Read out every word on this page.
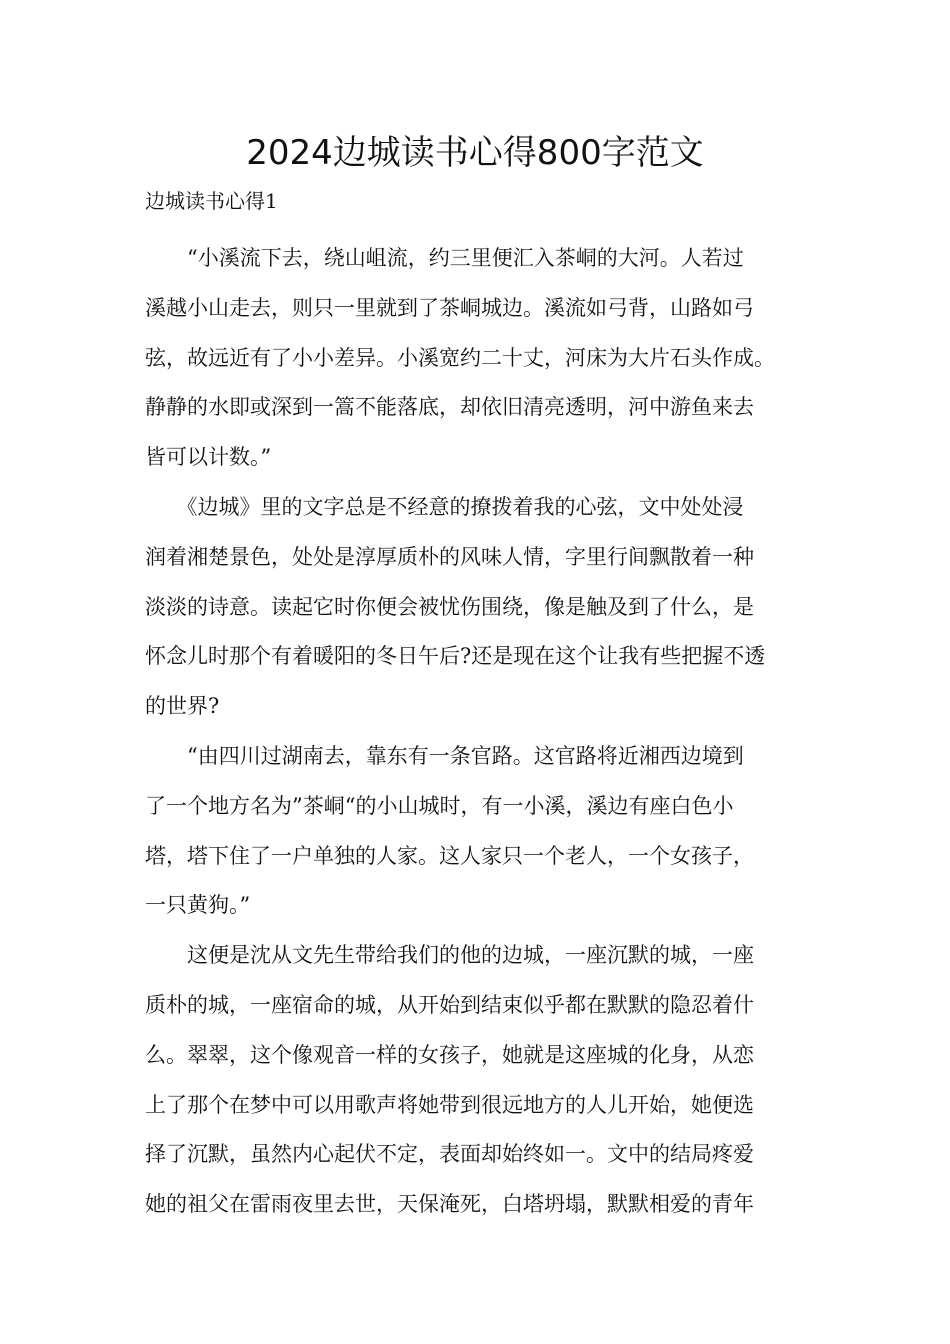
2024边城读书心得800字范文
边城读书心得1
　　“小溪流下去，绕山岨流，约三里便汇入茶峒的大河。人若过
溪越小山走去，则只一里就到了茶峒城边。溪流如弓背，山路如弓
弦，故远近有了小小差异。小溪宽约二十丈，河床为大片石头作成。
静静的水即或深到一篙不能落底，却依旧清亮透明，河中游鱼来去
皆可以计数。”
　　《边城》里的文字总是不经意的撩拨着我的心弦，文中处处浸
润着湘楚景色，处处是淳厚质朴的风味人情，字里行间飘散着一种
淡淡的诗意。读起它时你便会被忧伤围绕，像是触及到了什么，是
怀念儿时那个有着暖阳的冬日午后?还是现在这个让我有些把握不透
的世界?
　　“由四川过湖南去，靠东有一条官路。这官路将近湘西边境到
了一个地方名为”茶峒“的小山城时，有一小溪，溪边有座白色小
塔，塔下住了一户单独的人家。这人家只一个老人，一个女孩子，
一只黄狗。”
　　这便是沈从文先生带给我们的他的边城，一座沉默的城，一座
质朴的城，一座宿命的城，从开始到结束似乎都在默默的隐忍着什
么。翠翠，这个像观音一样的女孩子，她就是这座城的化身，从恋
上了那个在梦中可以用歌声将她带到很远地方的人儿开始，她便选
择了沉默，虽然内心起伏不定，表面却始终如一。文中的结局疼爱
她的祖父在雷雨夜里去世，天保淹死，白塔坍塌，默默相爱的青年
